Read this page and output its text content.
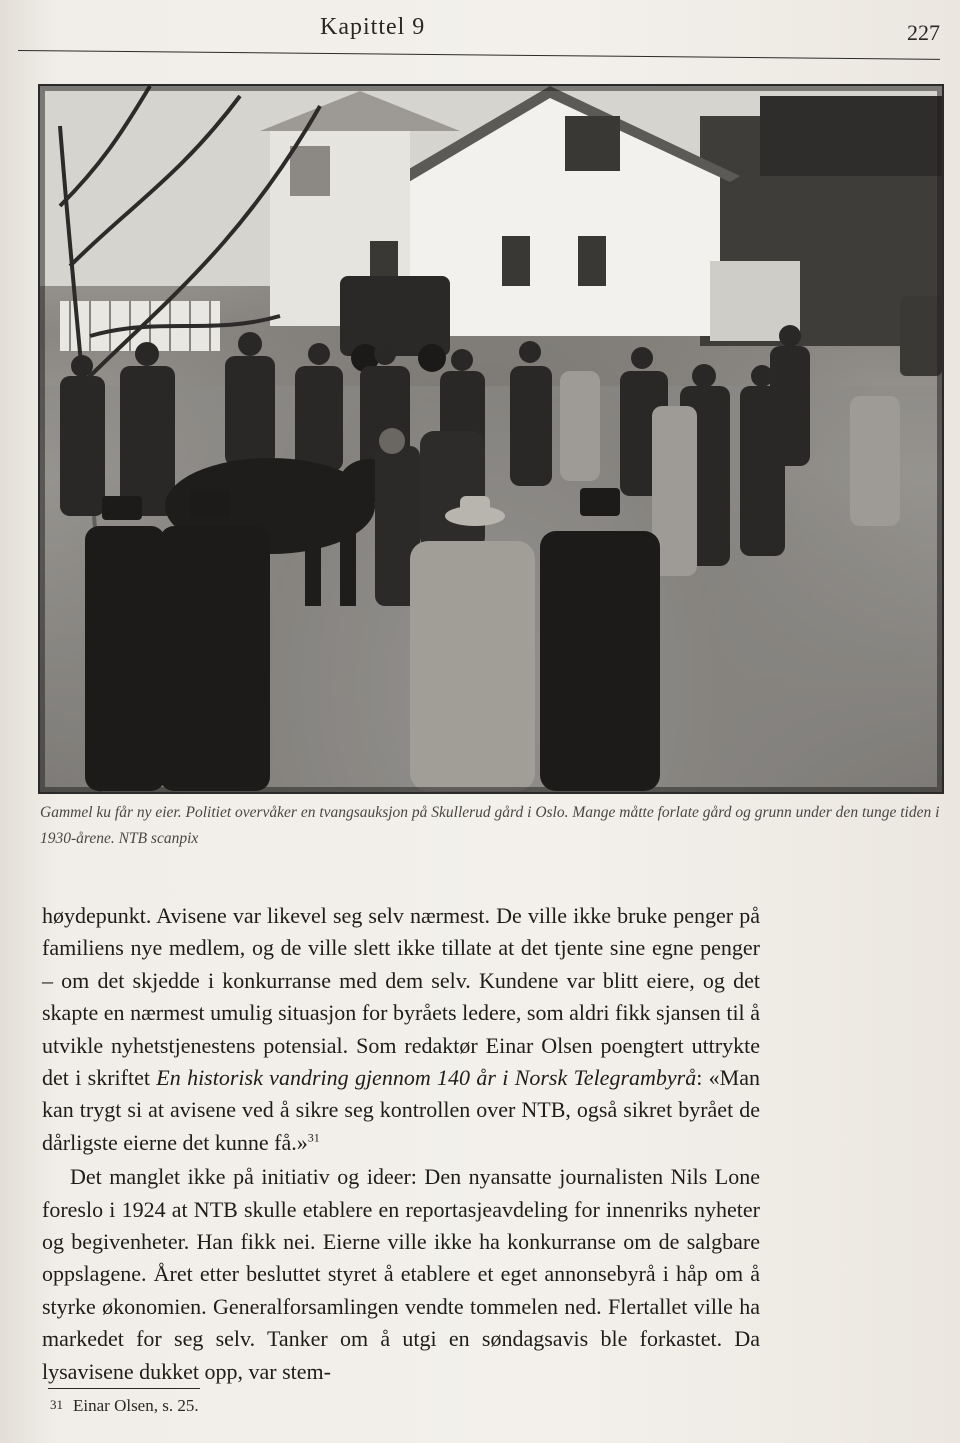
Kapittel 9	227
Gammel ku får ny eier. Politiet overvåker en tvangsauksjon på Skullerud gård i Oslo. Mange måtte forlate gård og grunn under den tunge tiden i 1930-årene. NTB scanpix

høydepunkt. Avisene var likevel seg selv nærmest. De ville ikke bruke penger på familiens nye medlem, og de ville slett ikke tillate at det tjente sine egne penger – om det skjedde i konkurranse med dem selv. Kundene var blitt eiere, og det skapte en nærmest umulig situasjon for byråets ledere, som aldri fikk sjansen til å utvikle nyhetstjenestens potensial. Som redaktør Einar Olsen poengtert uttrykte det i skriftet En historisk vandring gjennom 140 år i Norsk Telegrambyrå: «Man kan trygt si at avisene ved å sikre seg kontrollen over NTB, også sikret byrået de dårligste eierne det kunne få.»$^{31}$

Det manglet ikke på initiativ og ideer: Den nyansatte journalisten Nils Lone foreslo i 1924 at NTB skulle etablere en reportasjeavdeling for innenriks nyheter og begivenheter. Han fikk nei. Eierne ville ikke ha konkurranse om de salgbare oppslagene. Året etter besluttet styret å etablere et eget annonsebyrå i håp om å styrke økonomien. Generalforsamlingen vendte tommelen ned. Flertallet ville ha markedet for seg selv. Tanker om å utgi en søndagsavis ble forkastet. Da lysavisene dukket opp, var stem-

31 Einar Olsen, s. 25.
